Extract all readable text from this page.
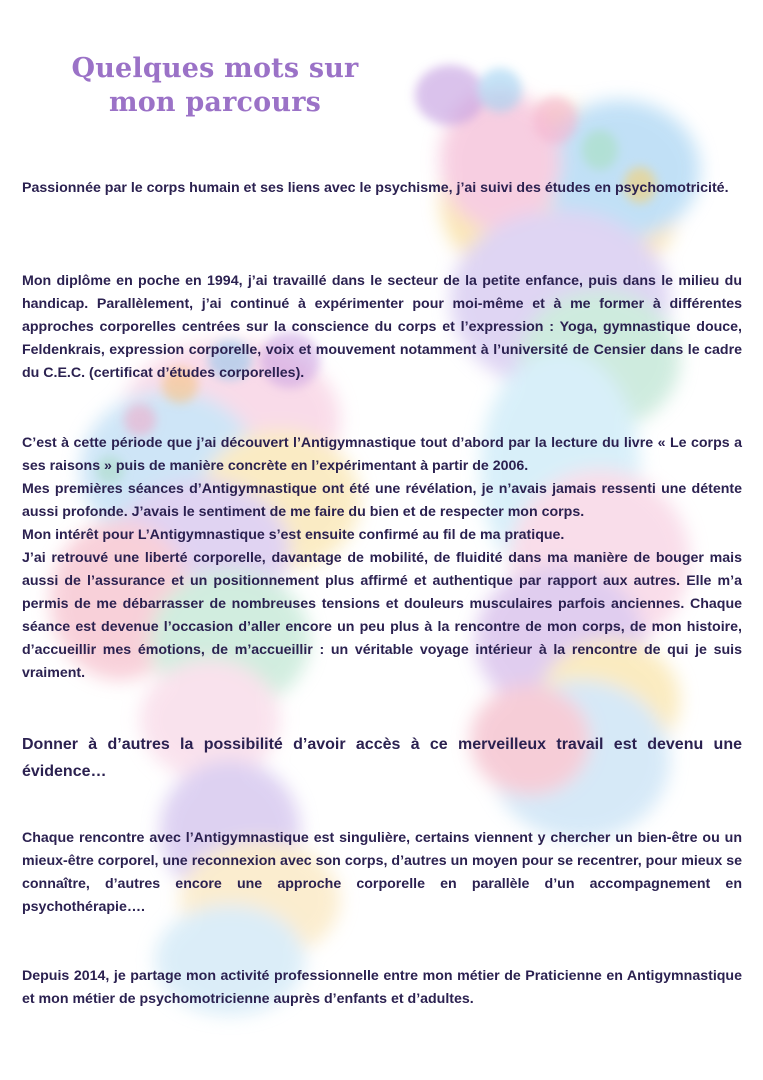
Quelques mots sur
mon parcours

Passionnée par le corps humain et ses liens avec le psychisme, j’ai suivi des études en psychomotricité.

Mon diplôme en poche en 1994, j’ai travaillé dans le secteur de la petite enfance, puis dans le milieu du handicap. Parallèlement, j’ai continué à expérimenter pour moi-même et à me former à différentes approches corporelles centrées sur la conscience du corps et l’expression : Yoga, gymnastique douce, Feldenkrais, expression corporelle, voix et mouvement notamment à l’université de Censier dans le cadre du C.E.C. (certificat d’études corporelles).

C’est à cette période que j’ai découvert l’Antigymnastique tout d’abord par la lecture du livre « Le corps a ses raisons » puis de manière concrète en l’expérimentant à partir de 2006.
Mes premières séances d’Antigymnastique ont été une révélation, je n’avais jamais ressenti une détente aussi profonde. J’avais le sentiment de me faire du bien et de respecter mon corps.
Mon intérêt pour L’Antigymnastique s’est ensuite confirmé au fil de ma pratique.
J’ai retrouvé une liberté corporelle, davantage de mobilité, de fluidité dans ma manière de bouger mais aussi de l’assurance et un positionnement plus affirmé et authentique par rapport aux autres. Elle m’a permis de me débarrasser de nombreuses tensions et douleurs musculaires parfois anciennes. Chaque séance est devenue l’occasion d’aller encore un peu plus à la rencontre de mon corps, de mon histoire, d’accueillir mes émotions, de m’accueillir : un véritable voyage intérieur à la rencontre de qui je suis vraiment.

Donner à d’autres la possibilité d’avoir accès à ce merveilleux travail est devenu une évidence…

Chaque rencontre avec l’Antigymnastique est singulière, certains viennent y chercher un bien-être ou un mieux-être corporel, une reconnexion avec son corps, d’autres un moyen pour se recentrer, pour mieux se connaître, d’autres encore une approche corporelle en parallèle d’un accompagnement en psychothérapie….

Depuis 2014, je partage mon activité professionnelle entre mon métier de Praticienne en Antigymnastique et mon métier de psychomotricienne auprès d’enfants et d’adultes.
